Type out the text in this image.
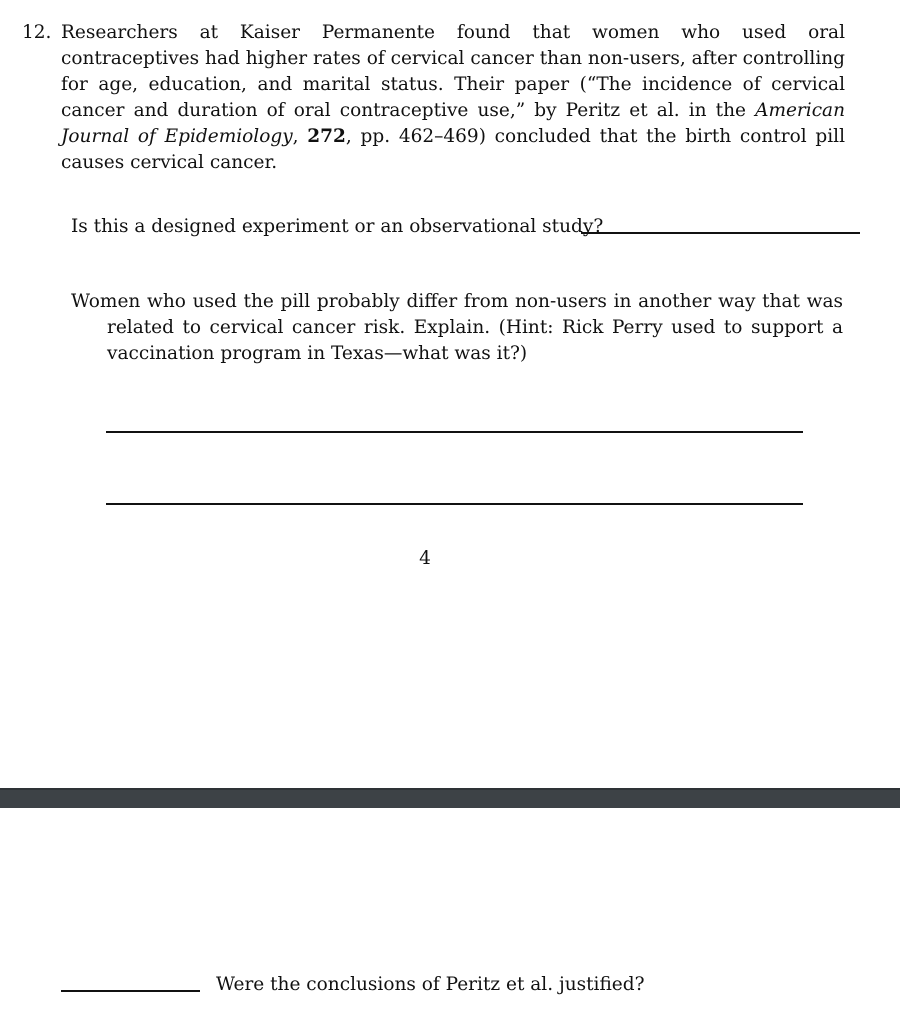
12. Researchers at Kaiser Permanente found that women who used oral contraceptives had higher rates of cervical cancer than non-users, after controlling for age, education, and marital status. Their paper (“The incidence of cervical cancer and duration of oral contraceptive use,” by Peritz et al. in the American Journal of Epidemiology, 272, pp. 462–469) concluded that the birth control pill causes cervical cancer.
Is this a designed experiment or an observational study?
Women who used the pill probably differ from non-users in another way that was related to cervical cancer risk. Explain. (Hint: Rick Perry used to support a vaccination program in Texas—what was it?)
4
Were the conclusions of Peritz et al. justified?
